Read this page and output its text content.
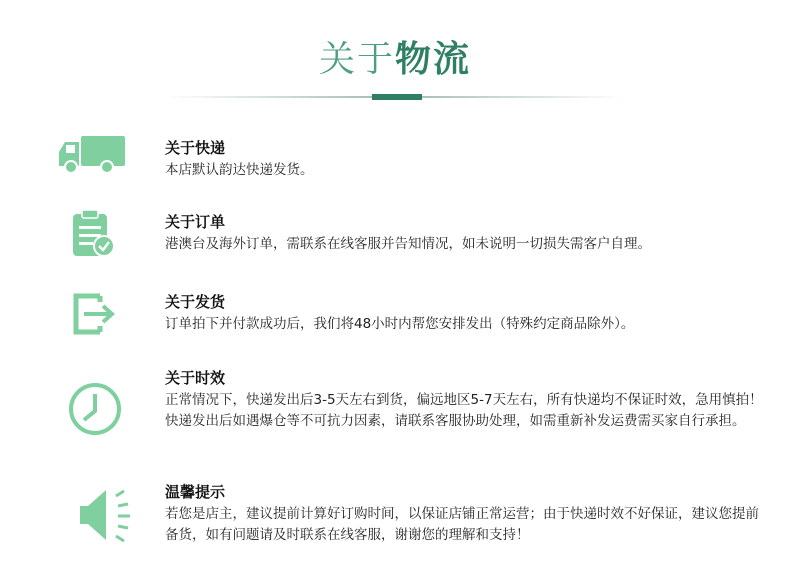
关于物流
关于快递
本店默认韵达快递发货。
关于订单
港澳台及海外订单，需联系在线客服并告知情况，如未说明一切损失需客户自理。
关于发货
订单拍下并付款成功后，我们将48小时内帮您安排发出（特殊约定商品除外）。
关于时效
正常情况下，快递发出后3-5天左右到货，偏远地区5-7天左右，所有快递均不保证时效，急用慎拍！快递发出后如遇爆仓等不可抗力因素，请联系客服协助处理，如需重新补发运费需买家自行承担。
温馨提示
若您是店主，建议提前计算好订购时间，以保证店铺正常运营；由于快递时效不好保证，建议您提前备货，如有问题请及时联系在线客服，谢谢您的理解和支持！
